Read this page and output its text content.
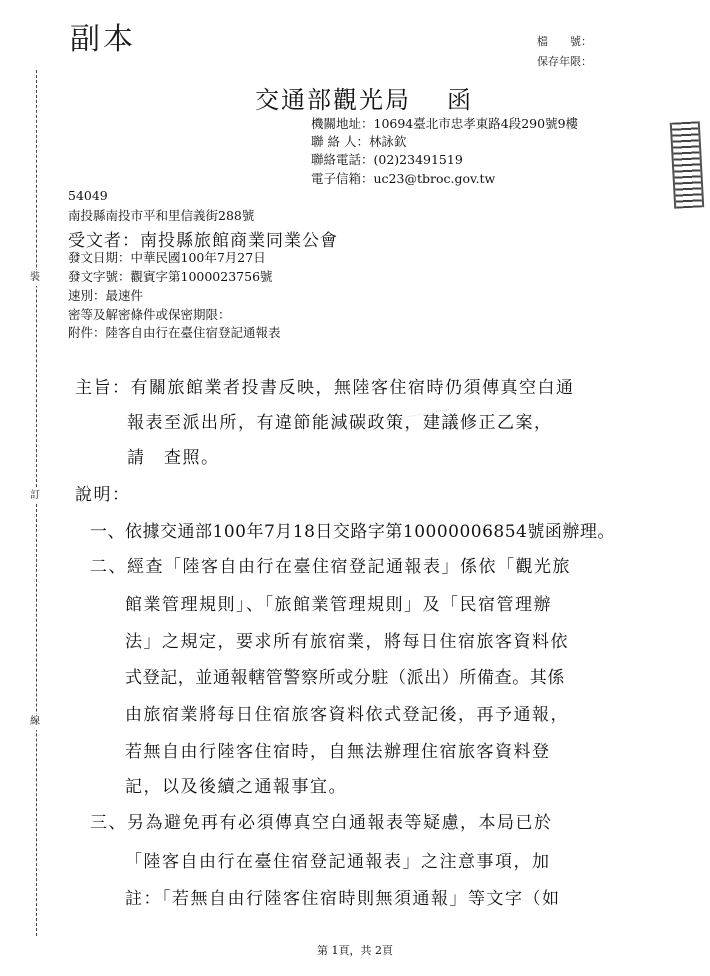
副本	檔　　號：
保存年限：
裝
訂
線
交通部觀光局 函
機關地址：10694臺北市忠孝東路4段290號9樓
聯 絡 人：林詠欽
聯絡電話：(02)23491519
電子信箱：uc23@tbroc.gov.tw
54049
南投縣南投市平和里信義街288號
受文者：南投縣旅館商業同業公會
發文日期：中華民國100年7月27日
發文字號：觀賓字第1000023756號
速別：最速件
密等及解密條件或保密期限：
附件：陸客自由行在臺住宿登記通報表
主旨：有關旅館業者投書反映，無陸客住宿時仍須傳真空白通
報表至派出所，有違節能減碳政策，建議修正乙案，
請　查照。
說明：
一、依據交通部100年7月18日交路字第10000006854號函辦理。
二、經查「陸客自由行在臺住宿登記通報表」係依「觀光旅
館業管理規則」、「旅館業管理規則」及「民宿管理辦
法」之規定，要求所有旅宿業，將每日住宿旅客資料依
式登記，並通報轄管警察所或分駐（派出）所備查。其係
由旅宿業將每日住宿旅客資料依式登記後，再予通報，
若無自由行陸客住宿時，自無法辦理住宿旅客資料登
記，以及後續之通報事宜。
三、另為避免再有必須傳真空白通報表等疑慮，本局已於
「陸客自由行在臺住宿登記通報表」之注意事項，加
註：「若無自由行陸客住宿時則無須通報」等文字（如
第 1頁，共 2頁
